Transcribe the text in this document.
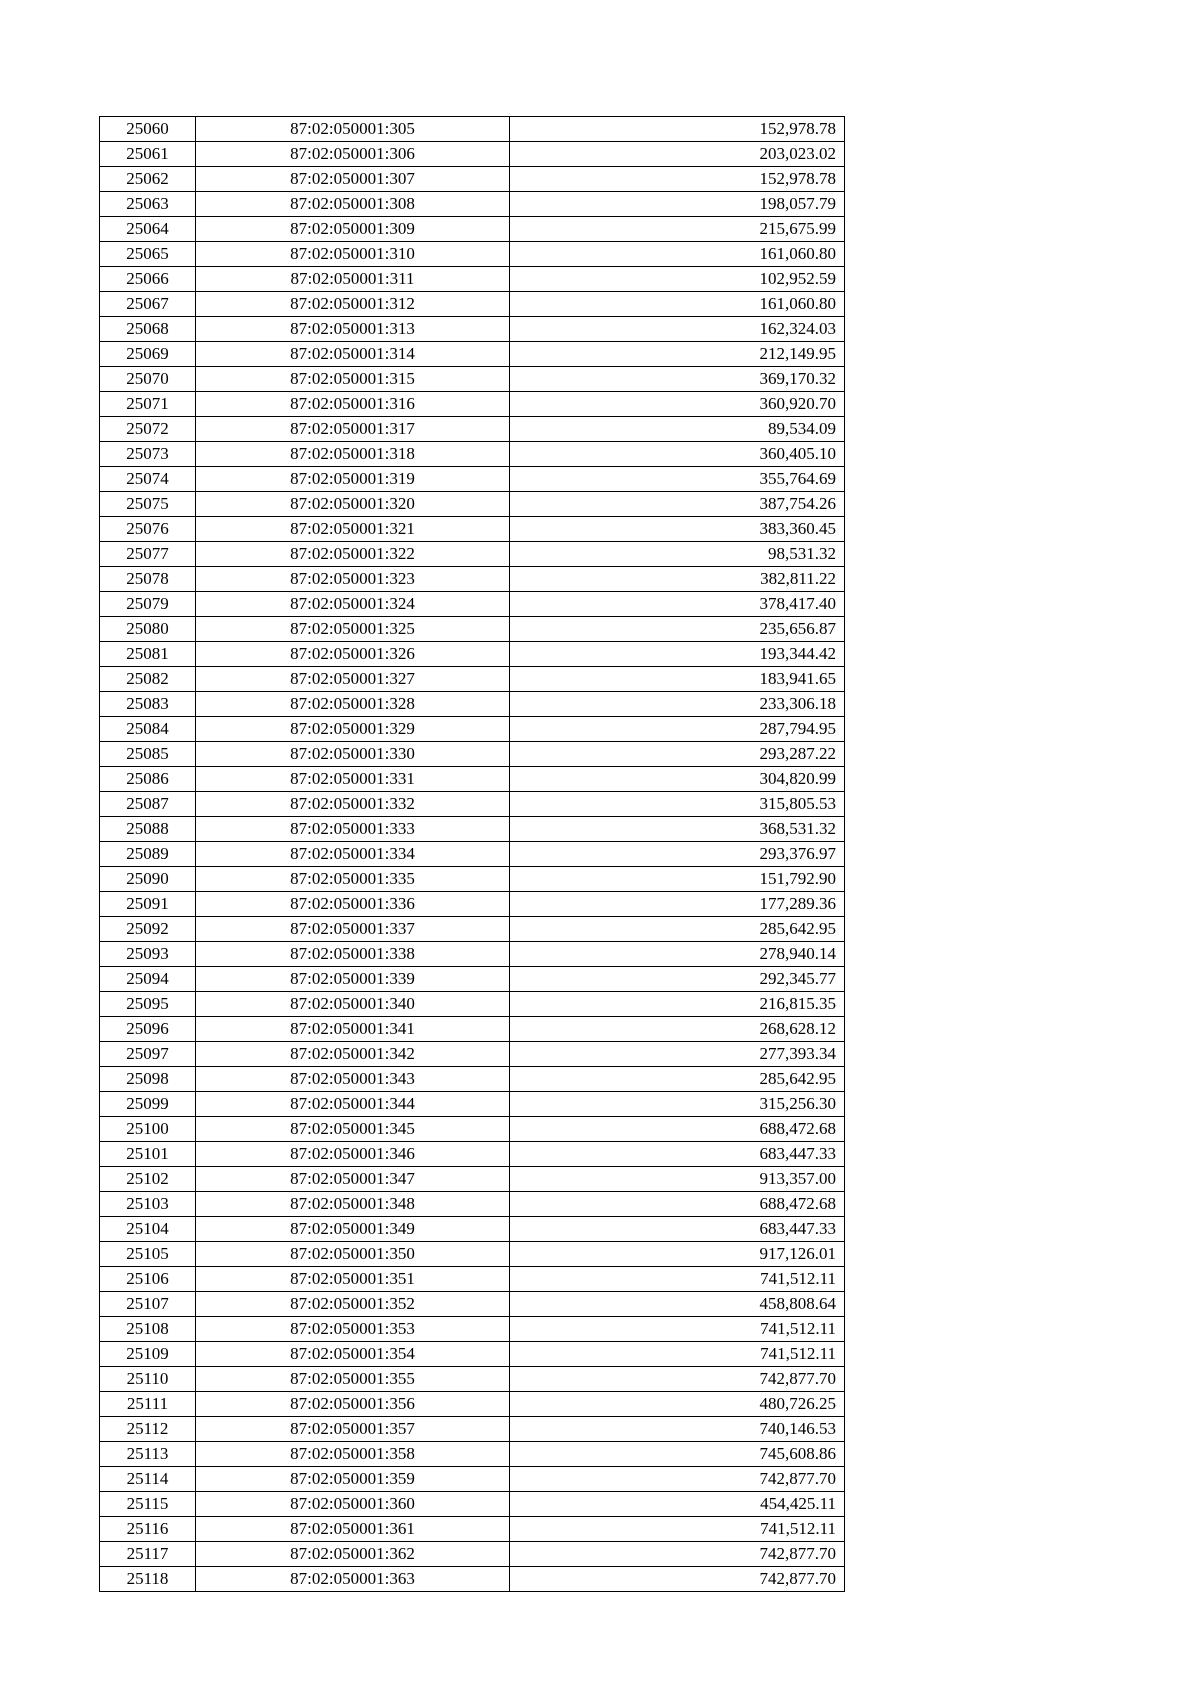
25060	87:02:050001:305	152,978.78
25061	87:02:050001:306	203,023.02
25062	87:02:050001:307	152,978.78
25063	87:02:050001:308	198,057.79
25064	87:02:050001:309	215,675.99
25065	87:02:050001:310	161,060.80
25066	87:02:050001:311	102,952.59
25067	87:02:050001:312	161,060.80
25068	87:02:050001:313	162,324.03
25069	87:02:050001:314	212,149.95
25070	87:02:050001:315	369,170.32
25071	87:02:050001:316	360,920.70
25072	87:02:050001:317	89,534.09
25073	87:02:050001:318	360,405.10
25074	87:02:050001:319	355,764.69
25075	87:02:050001:320	387,754.26
25076	87:02:050001:321	383,360.45
25077	87:02:050001:322	98,531.32
25078	87:02:050001:323	382,811.22
25079	87:02:050001:324	378,417.40
25080	87:02:050001:325	235,656.87
25081	87:02:050001:326	193,344.42
25082	87:02:050001:327	183,941.65
25083	87:02:050001:328	233,306.18
25084	87:02:050001:329	287,794.95
25085	87:02:050001:330	293,287.22
25086	87:02:050001:331	304,820.99
25087	87:02:050001:332	315,805.53
25088	87:02:050001:333	368,531.32
25089	87:02:050001:334	293,376.97
25090	87:02:050001:335	151,792.90
25091	87:02:050001:336	177,289.36
25092	87:02:050001:337	285,642.95
25093	87:02:050001:338	278,940.14
25094	87:02:050001:339	292,345.77
25095	87:02:050001:340	216,815.35
25096	87:02:050001:341	268,628.12
25097	87:02:050001:342	277,393.34
25098	87:02:050001:343	285,642.95
25099	87:02:050001:344	315,256.30
25100	87:02:050001:345	688,472.68
25101	87:02:050001:346	683,447.33
25102	87:02:050001:347	913,357.00
25103	87:02:050001:348	688,472.68
25104	87:02:050001:349	683,447.33
25105	87:02:050001:350	917,126.01
25106	87:02:050001:351	741,512.11
25107	87:02:050001:352	458,808.64
25108	87:02:050001:353	741,512.11
25109	87:02:050001:354	741,512.11
25110	87:02:050001:355	742,877.70
25111	87:02:050001:356	480,726.25
25112	87:02:050001:357	740,146.53
25113	87:02:050001:358	745,608.86
25114	87:02:050001:359	742,877.70
25115	87:02:050001:360	454,425.11
25116	87:02:050001:361	741,512.11
25117	87:02:050001:362	742,877.70
25118	87:02:050001:363	742,877.70
